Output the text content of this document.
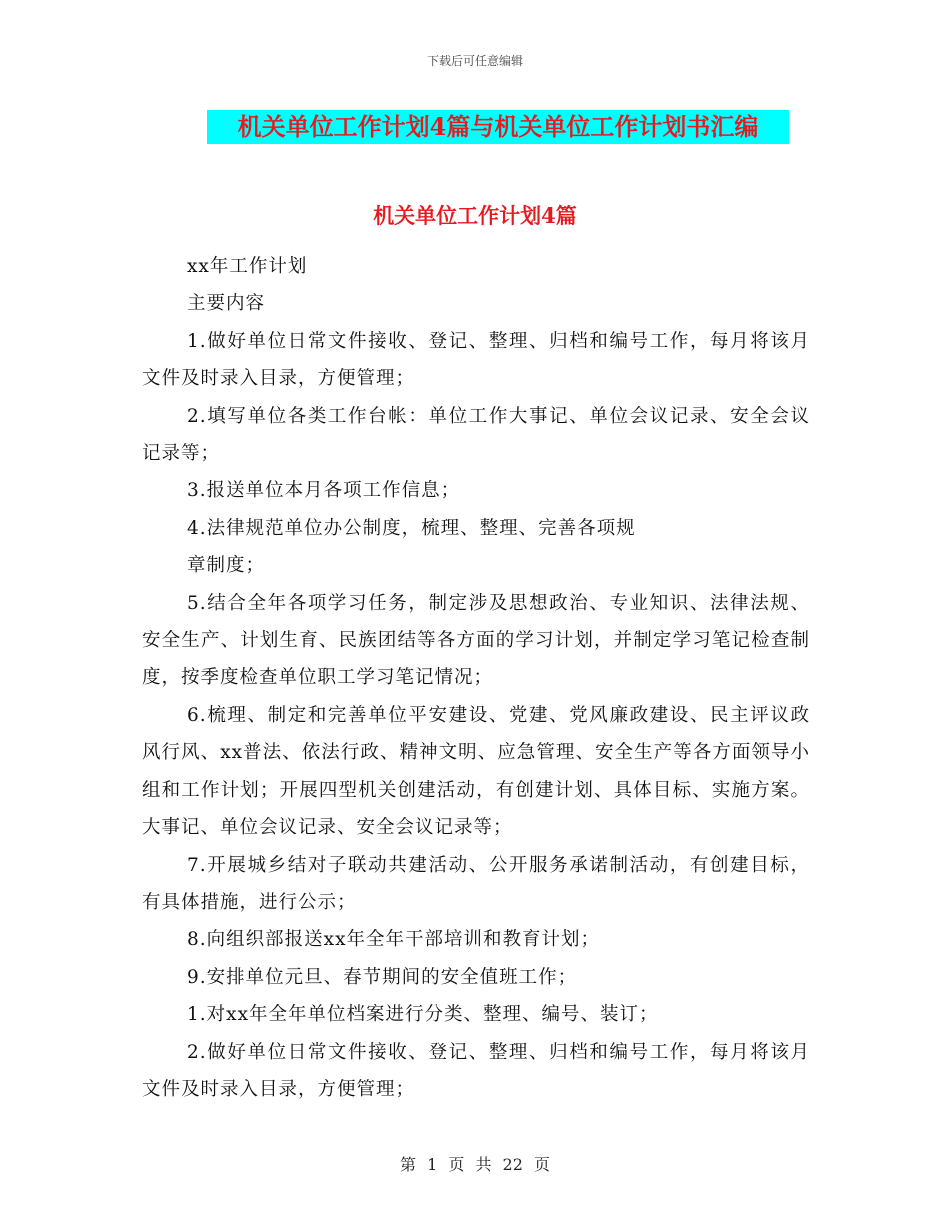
下载后可任意编辑
机关单位工作计划4篇与机关单位工作计划书汇编
机关单位工作计划4篇

xx年工作计划

主要内容

1.做好单位日常文件接收、登记、整理、归档和编号工作，每月将该月文件及时录入目录，方便管理；

2.填写单位各类工作台帐：单位工作大事记、单位会议记录、安全会议记录等；

3.报送单位本月各项工作信息；

4.法律规范单位办公制度，梳理、整理、完善各项规

章制度；

5.结合全年各项学习任务，制定涉及思想政治、专业知识、法律法规、安全生产、计划生育、民族团结等各方面的学习计划，并制定学习笔记检查制度，按季度检查单位职工学习笔记情况；

6.梳理、制定和完善单位平安建设、党建、党风廉政建设、民主评议政风行风、xx普法、依法行政、精神文明、应急管理、安全生产等各方面领导小组和工作计划；开展四型机关创建活动，有创建计划、具体目标、实施方案。大事记、单位会议记录、安全会议记录等；

7.开展城乡结对子联动共建活动、公开服务承诺制活动，有创建目标，有具体措施，进行公示；

8.向组织部报送xx年全年干部培训和教育计划；

9.安排单位元旦、春节期间的安全值班工作；

1.对xx年全年单位档案进行分类、整理、编号、装订；

2.做好单位日常文件接收、登记、整理、归档和编号工作，每月将该月文件及时录入目录，方便管理；

第 1 页 共 22 页
